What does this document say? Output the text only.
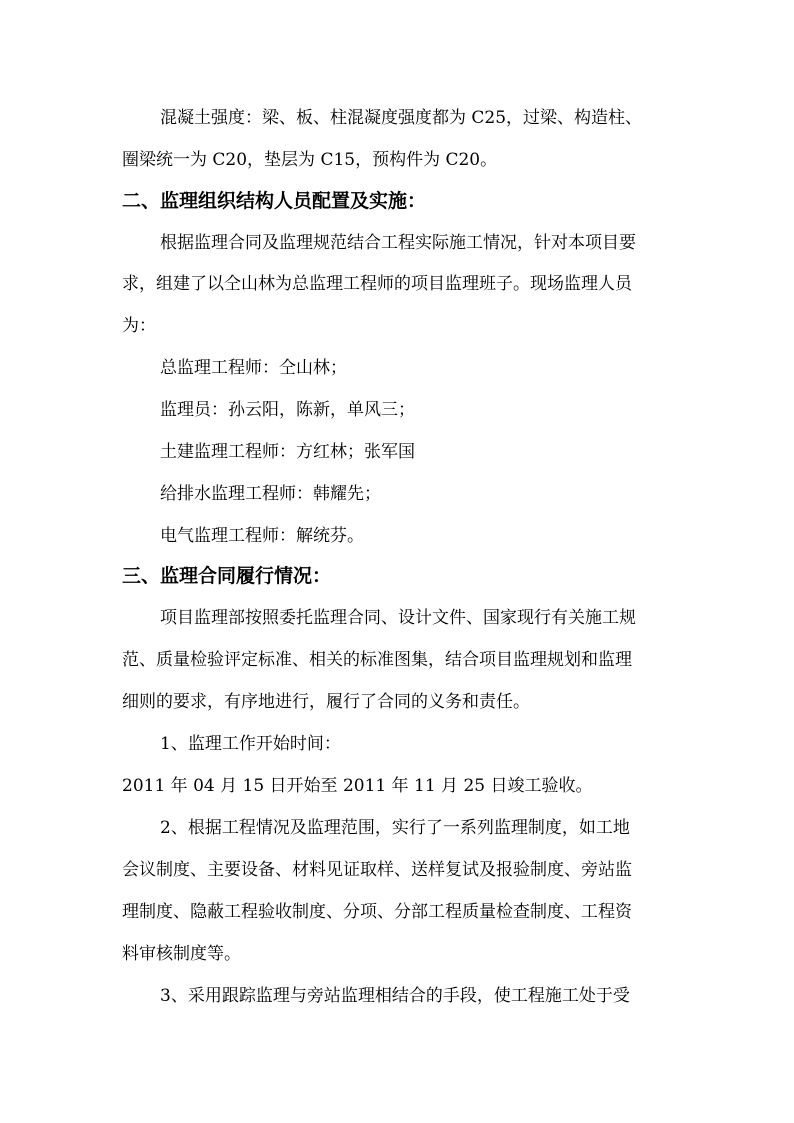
混凝土强度：梁、板、柱混凝度强度都为 C25，过梁、构造柱、
圈梁统一为 C20，垫层为 C15，预构件为 C20。
二、监理组织结构人员配置及实施：
根据监理合同及监理规范结合工程实际施工情况，针对本项目要
求，组建了以仝山林为总监理工程师的项目监理班子。现场监理人员
为：
总监理工程师：仝山林；
监理员：孙云阳，陈新，单风三；
土建监理工程师：方红林；张军国
给排水监理工程师：韩耀先；
电气监理工程师：解统芬。
三、监理合同履行情况：
项目监理部按照委托监理合同、设计文件、国家现行有关施工规
范、质量检验评定标准、相关的标准图集，结合项目监理规划和监理
细则的要求，有序地进行，履行了合同的义务和责任。
1、监理工作开始时间：
2011 年 04 月 15 日开始至 2011 年 11 月 25 日竣工验收。
2、根据工程情况及监理范围，实行了一系列监理制度，如工地
会议制度、主要设备、材料见证取样、送样复试及报验制度、旁站监
理制度、隐蔽工程验收制度、分项、分部工程质量检查制度、工程资
料审核制度等。
3、采用跟踪监理与旁站监理相结合的手段，使工程施工处于受
